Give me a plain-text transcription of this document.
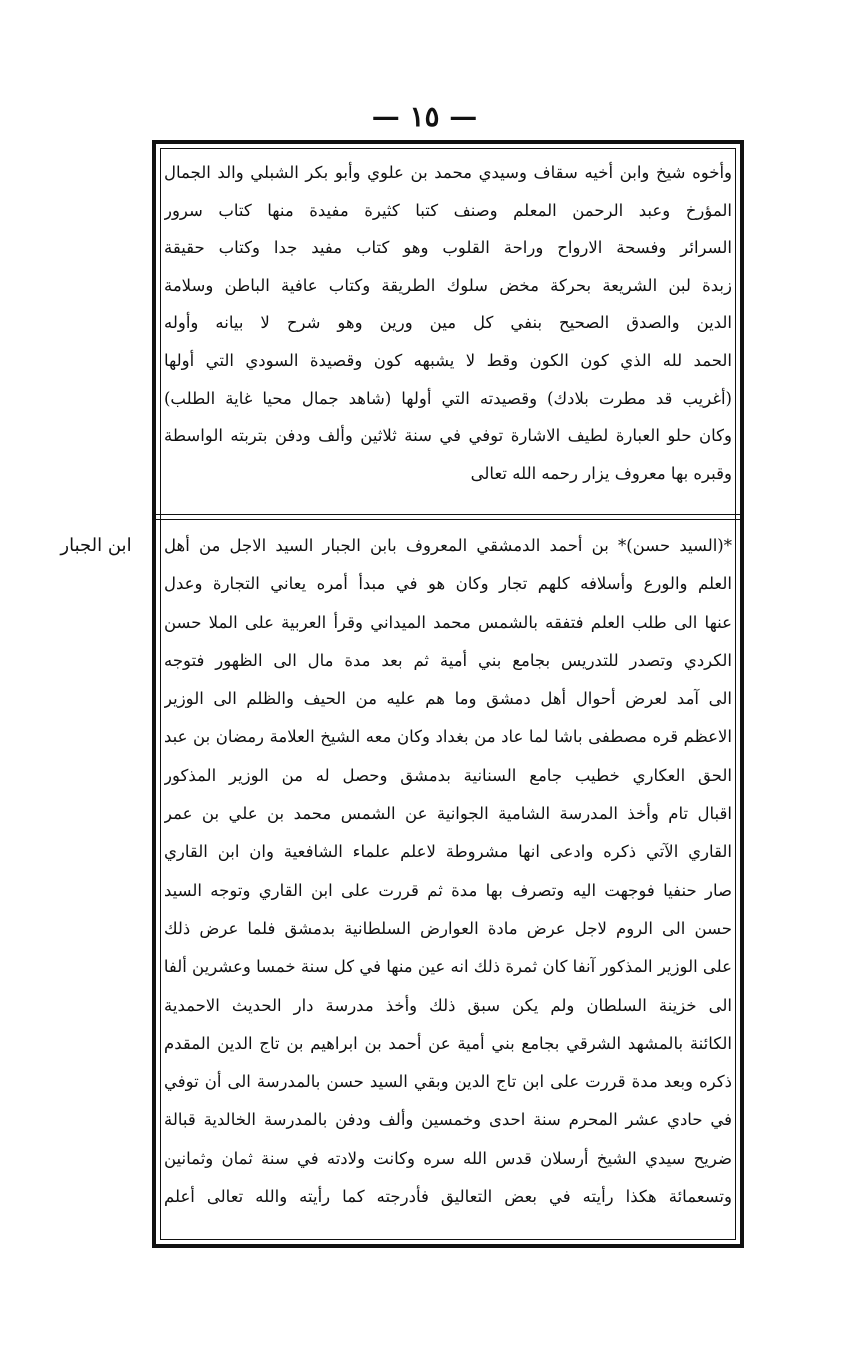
— ١٥ —
وأخوه شيخ وابن أخيه سقاف وسيدي محمد بن علوي وأبو بكر الشبلي والد الجمال
المؤرخ وعبد الرحمن المعلم وصنف كتبا كثيرة مفيدة منها كتاب سرور
السرائر وفسحة الارواح وراحة القلوب وهو كتاب مفيد جدا وكتاب حقيقة
زبدة لبن الشريعة بحركة مخض سلوك الطريقة وكتاب عافية الباطن وسلامة
الدين والصدق الصحيح بنفي كل مين ورين وهو شرح لا بيانه وأوله
الحمد لله الذي كون الكون وقط لا يشبهه كون وقصيدة السودي التي أولها
(أغريب قد مطرت بلادك) وقصيدته التي أولها (شاهد جمال محيا غاية الطلب)
وكان حلو العبارة لطيف الاشارة توفي في سنة ثلاثين وألف ودفن بتربته الواسطة
وقبره بها معروف يزار رحمه الله تعالى
ابن الجبار	*(السيد حسن)* بن أحمد الدمشقي المعروف بابن الجبار السيد الاجل من أهل
العلم والورع وأسلافه كلهم تجار وكان هو في مبدأ أمره يعاني التجارة وعدل
عنها الى طلب العلم فتفقه بالشمس محمد الميداني وقرأ العربية على الملا حسن
الكردي وتصدر للتدريس بجامع بني أمية ثم بعد مدة مال الى الظهور فتوجه
الى آمد لعرض أحوال أهل دمشق وما هم عليه من الحيف والظلم الى الوزير
الاعظم قره مصطفى باشا لما عاد من بغداد وكان معه الشيخ العلامة رمضان بن عبد
الحق العكاري خطيب جامع السنانية بدمشق وحصل له من الوزير المذكور
اقبال تام وأخذ المدرسة الشامية الجوانية عن الشمس محمد بن علي بن عمر
القاري الآتي ذكره وادعى انها مشروطة لاعلم علماء الشافعية وان ابن القاري
صار حنفيا فوجهت اليه وتصرف بها مدة ثم قررت على ابن القاري وتوجه السيد
حسن الى الروم لاجل عرض مادة العوارض السلطانية بدمشق فلما عرض ذلك
على الوزير المذكور آنفا كان ثمرة ذلك انه عين منها في كل سنة خمسا وعشرين ألفا
الى خزينة السلطان ولم يكن سبق ذلك وأخذ مدرسة دار الحديث الاحمدية
الكائنة بالمشهد الشرقي بجامع بني أمية عن أحمد بن ابراهيم بن تاج الدين المقدم
ذكره وبعد مدة قررت على ابن تاج الدين وبقي السيد حسن بالمدرسة الى أن توفي
في حادي عشر المحرم سنة احدى وخمسين وألف ودفن بالمدرسة الخالدية قبالة
ضريح سيدي الشيخ أرسلان قدس الله سره وكانت ولادته في سنة ثمان وثمانين
وتسعمائة هكذا رأيته في بعض التعاليق فأدرجته كما رأيته والله تعالى أعلم
